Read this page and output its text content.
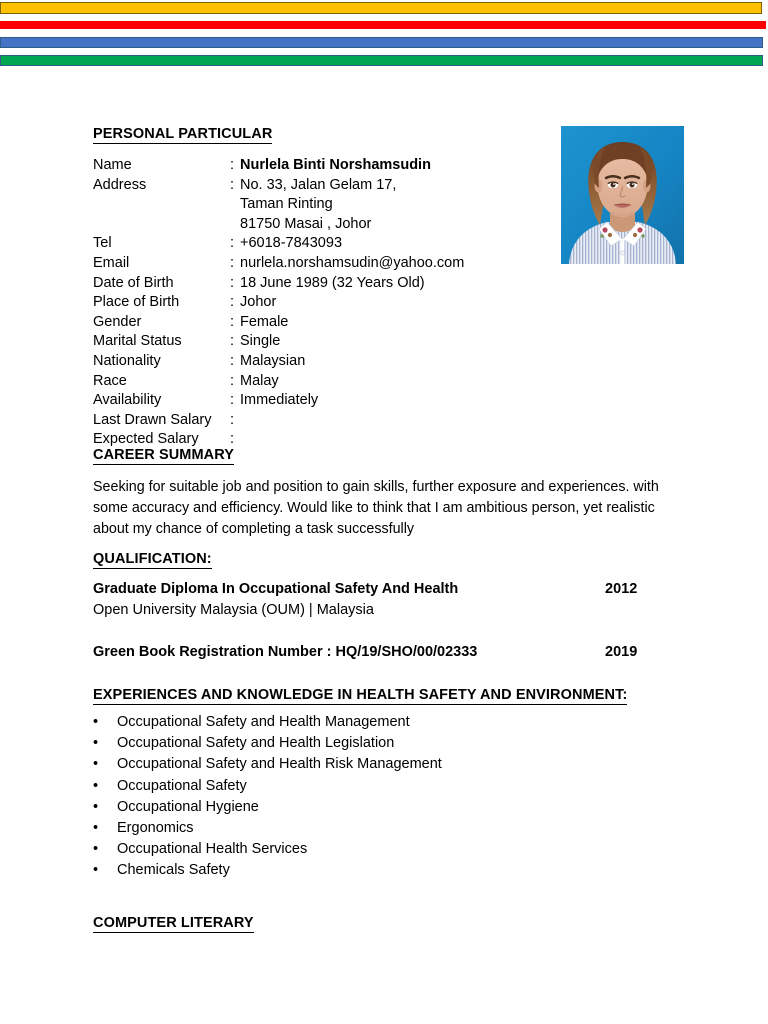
PERSONAL PARTICULAR
Name	: Nurlela Binti Norshamsudin
Address	: No. 33, Jalan Gelam 17,
Taman Rinting
81750 Masai , Johor
Tel	: +6018-7843093
Email	: nurlela.norshamsudin@yahoo.com
Date of Birth	: 18 June 1989 (32 Years Old)
Place of Birth	: Johor
Gender	: Female
Marital Status	: Single
Nationality	: Malaysian
Race	: Malay
Availability	: Immediately
Last Drawn Salary	:
Expected Salary	:
CAREER SUMMARY
Seeking for suitable job and position to gain skills, further exposure and experiences. with some accuracy and efficiency. Would like to think that I am ambitious person, yet realistic about my chance of completing a task successfully
QUALIFICATION:
Graduate Diploma In Occupational Safety And Health	2012
Open University Malaysia (OUM) | Malaysia
Green Book Registration Number : HQ/19/SHO/00/02333	2019
EXPERIENCES AND KNOWLEDGE IN HEALTH SAFETY AND ENVIRONMENT:
• Occupational Safety and Health Management
• Occupational Safety and Health Legislation
• Occupational Safety and Health Risk Management
• Occupational Safety
• Occupational Hygiene
• Ergonomics
• Occupational Health Services
• Chemicals Safety
COMPUTER LITERARY
